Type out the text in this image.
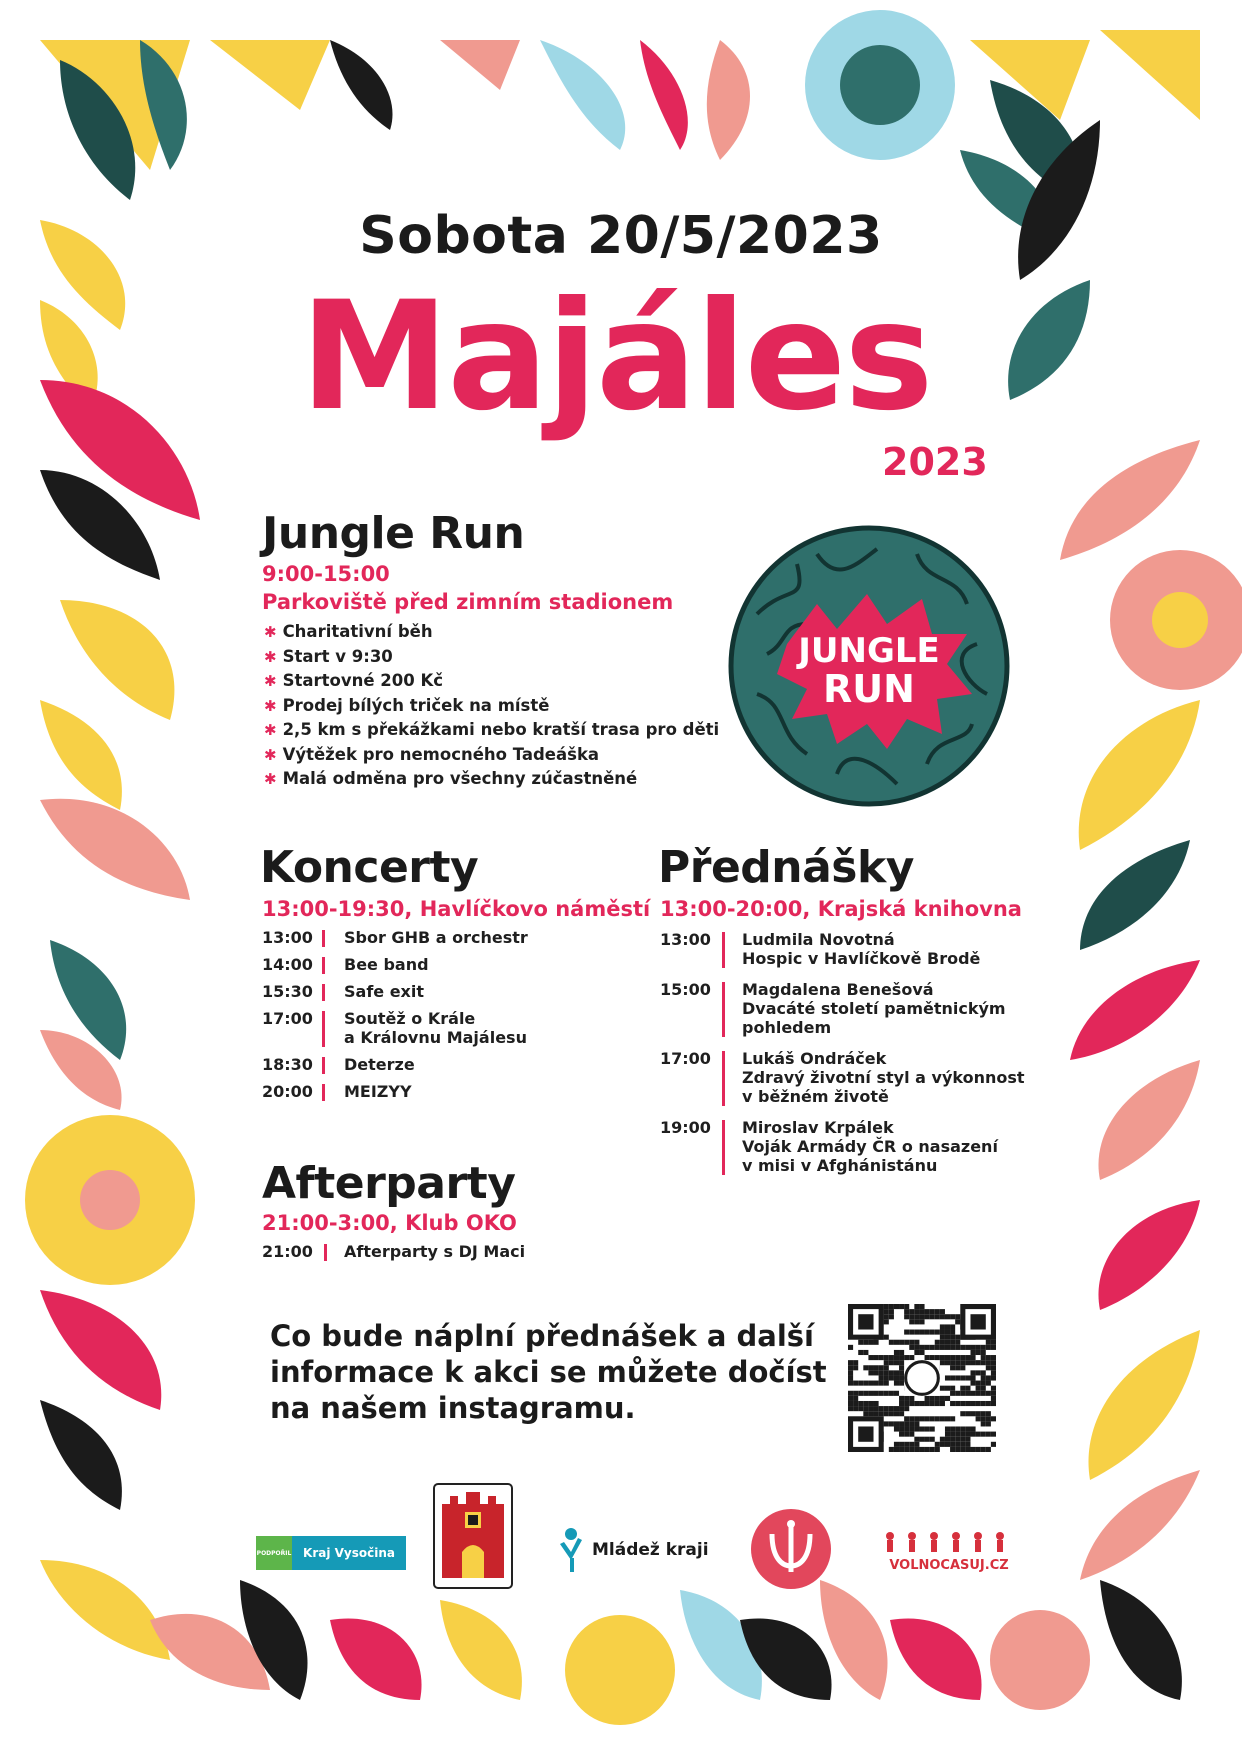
Sobota 20/5/2023
Majáles
2023
Jungle Run
9:00-15:00
Parkoviště před zimním stadionem
✱ Charitativní běh
✱ Start v 9:30
✱ Startovné 200 Kč
✱ Prodej bílých triček na místě
✱ 2,5 km s překážkami nebo kratší trasa pro děti
✱ Výtěžek pro nemocného Tadeáška
✱ Malá odměna pro všechny zúčastněné
JUNGLE
RUN
Koncerty
13:00-19:30, Havlíčkovo náměstí
13:00 Sbor GHB a orchestr
14:00 Bee band
15:30 Safe exit
17:00 Soutěž o Krále
a Královnu Majálesu
18:30 Deterze
20:00 MEIZYY
Přednášky
13:00-20:00, Krajská knihovna
13:00 Ludmila Novotná
Hospic v Havlíčkově Brodě
15:00 Magdalena Benešová
Dvacáté století pamětnickým
pohledem
17:00 Lukáš Ondráček
Zdravý životní styl a výkonnost
v běžném životě
19:00 Miroslav Krpálek
Voják Armády ČR o nasazení
v misi v Afghánistánu
Afterparty
21:00-3:00, Klub OKO
21:00 Afterparty s DJ Maci
Co bude náplní přednášek a další
informace k akci se můžete dočíst
na našem instagramu.
PODPOŘIL Kraj Vysočina	Mládež kraji
VOLNOCASUJ.CZ
